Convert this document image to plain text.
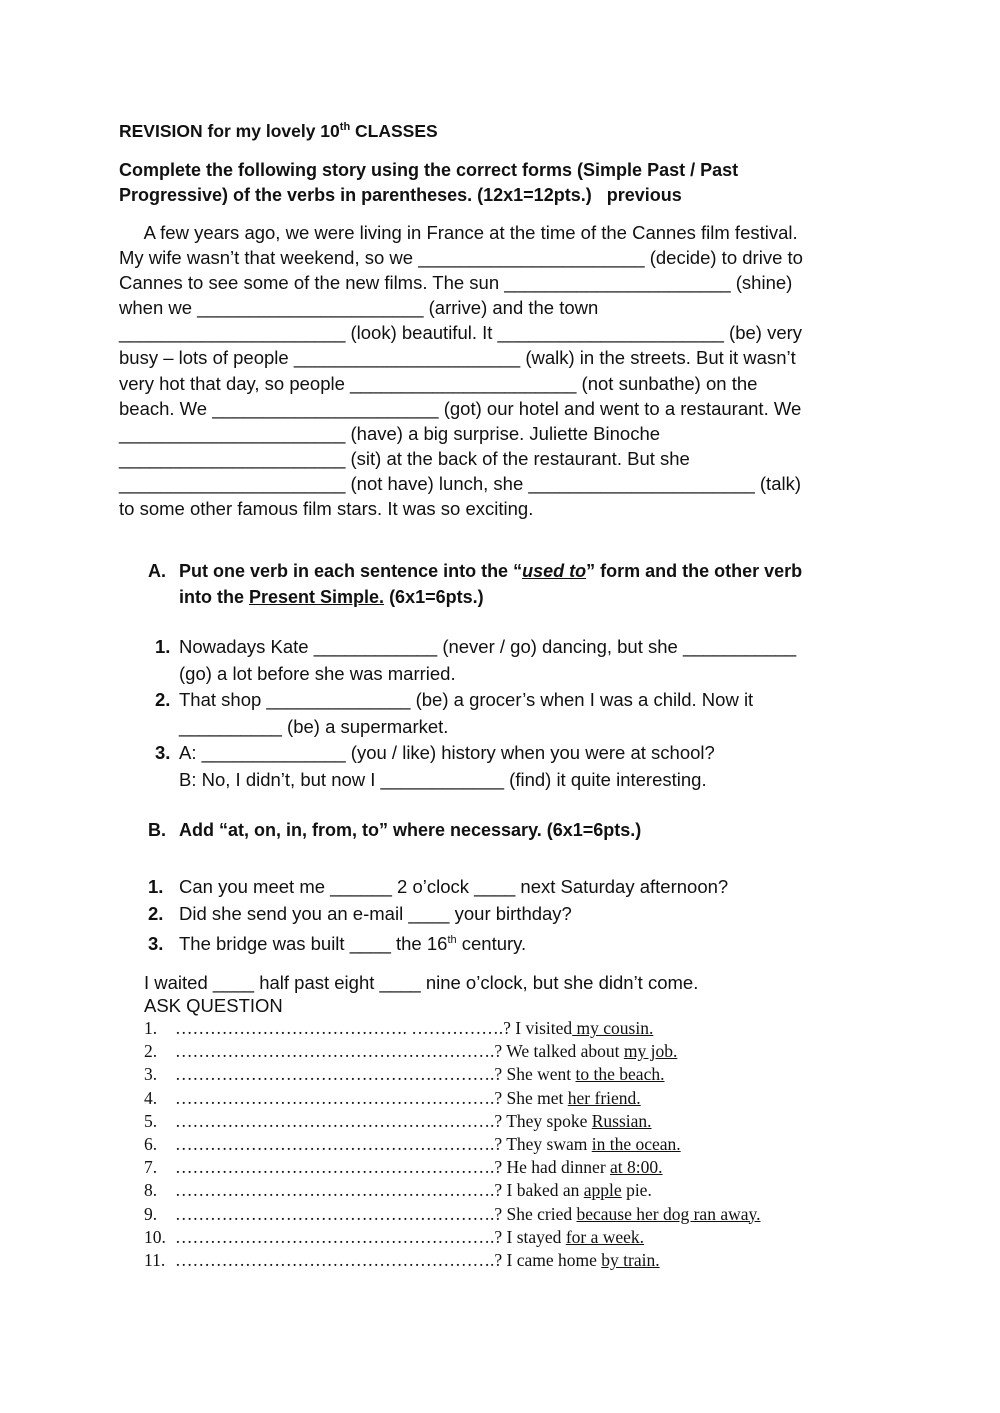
REVISION for my lovely 10th CLASSES
Complete the following story using the correct forms (Simple Past / Past
Progressive) of the verbs in parentheses. (12x1=12pts.)   previous
A few years ago, we were living in France at the time of the Cannes film festival.
My wife wasn’t that weekend, so we ______________________ (decide) to drive to
Cannes to see some of the new films. The sun ______________________ (shine)
when we ______________________ (arrive) and the town
______________________ (look) beautiful. It ______________________ (be) very
busy – lots of people ______________________ (walk) in the streets. But it wasn’t
very hot that day, so people ______________________ (not sunbathe) on the
beach. We ______________________ (got) our hotel and went to a restaurant. We
______________________ (have) a big surprise. Juliette Binoche
______________________ (sit) at the back of the restaurant. But she
______________________ (not have) lunch, she ______________________ (talk)
to some other famous film stars. It was so exciting.
A. Put one verb in each sentence into the “used to” form and the other verb
into the Present Simple. (6x1=6pts.)
1. Nowadays Kate ____________ (never / go) dancing, but she ___________
(go) a lot before she was married.
2. That shop ______________ (be) a grocer’s when I was a child. Now it
__________ (be) a supermarket.
3. A: ______________ (you / like) history when you were at school?
B: No, I didn’t, but now I ____________ (find) it quite interesting.
B. Add “at, on, in, from, to” where necessary. (6x1=6pts.)
1. Can you meet me ______ 2 o’clock ____ next Saturday afternoon?
2. Did she send you an e-mail ____ your birthday?
3. The bridge was built ____ the 16th century.
I waited ____ half past eight ____ nine o’clock, but she didn’t come.
ASK QUESTION
1. …………………………………. …………….? I visited my cousin.
2. ……………………………………………….? We talked about my job.
3. ……………………………………………….? She went to the beach.
4. ……………………………………………….? She met her friend.
5. ……………………………………………….? They spoke Russian.
6. ……………………………………………….? They swam in the ocean.
7. ……………………………………………….? He had dinner at 8:00.
8. ……………………………………………….? I baked an apple pie.
9. ……………………………………………….? She cried because her dog ran away.
10. ……………………………………………….? I stayed for a week.
11. ……………………………………………….? I came home by train.
